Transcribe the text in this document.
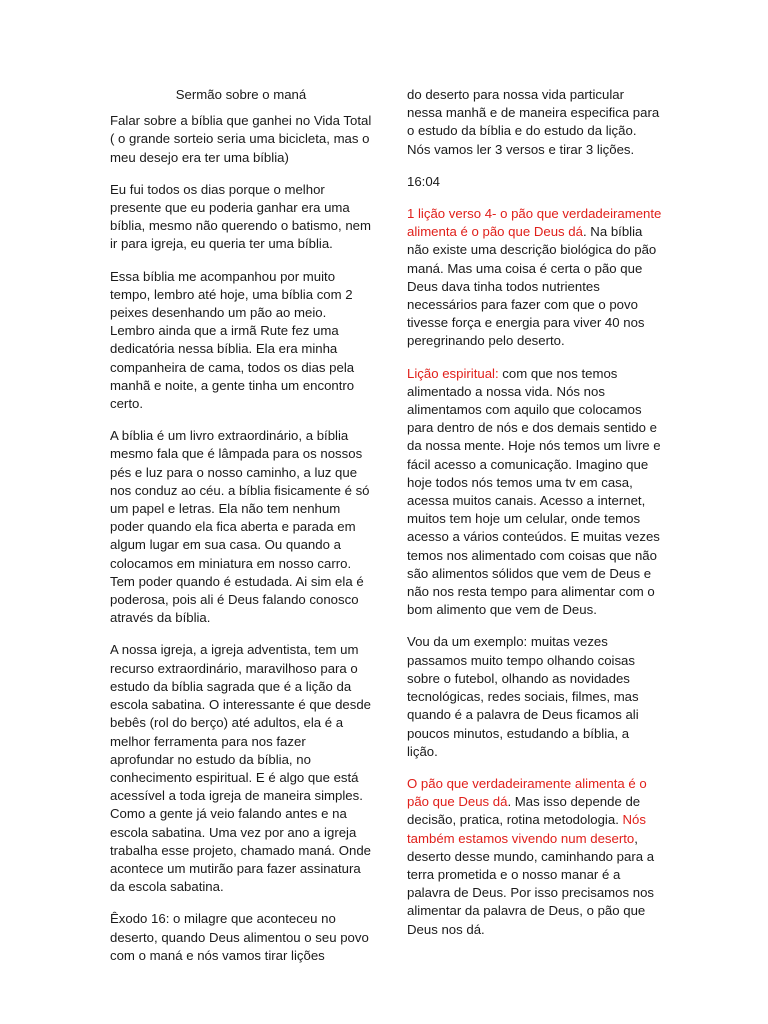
Sermão sobre o maná

Falar sobre a bíblia que ganhei no Vida Total ( o grande sorteio seria uma bicicleta, mas o meu desejo era ter uma bíblia)

Eu fui todos os dias porque o melhor presente que eu poderia ganhar era uma bíblia, mesmo não querendo o batismo, nem ir para igreja, eu queria ter uma bíblia.

Essa bíblia me acompanhou por muito tempo, lembro até hoje, uma bíblia com 2 peixes desenhando um pão ao meio. Lembro ainda que a irmã Rute fez uma dedicatória nessa bíblia. Ela era minha companheira de cama, todos os dias pela manhã e noite, a gente tinha um encontro certo.

A bíblia é um livro extraordinário, a bíblia mesmo fala que é lâmpada para os nossos pés e luz para o nosso caminho, a luz que nos conduz ao céu. a bíblia fisicamente é só um papel e letras. Ela não tem nenhum poder quando ela fica aberta e parada em algum lugar em sua casa. Ou quando a colocamos em miniatura em nosso carro. Tem poder quando é estudada. Ai sim ela é poderosa, pois ali é Deus falando conosco através da bíblia.

A nossa igreja, a igreja adventista, tem um recurso extraordinário, maravilhoso para o estudo da bíblia sagrada que é a lição da escola sabatina. O interessante é que desde bebês (rol do berço) até adultos, ela é a melhor ferramenta para nos fazer aprofundar no estudo da bíblia, no conhecimento espiritual. E é algo que está acessível a toda igreja de maneira simples. Como a gente já veio falando antes e na escola sabatina. Uma vez por ano a igreja trabalha esse projeto, chamado maná. Onde acontece um mutirão para fazer assinatura da escola sabatina.

Êxodo 16: o milagre que aconteceu no deserto, quando Deus alimentou o seu povo com o maná e nós vamos tirar lições

do deserto para nossa vida particular nessa manhã e de maneira especifica para o estudo da bíblia e do estudo da lição. Nós vamos ler 3 versos e tirar 3 lições.

16:04

1 lição verso 4- o pão que verdadeiramente alimenta é o pão que Deus dá. Na bíblia não existe uma descrição biológica do pão maná. Mas uma coisa é certa o pão que Deus dava tinha todos nutrientes necessários para fazer com que o povo tivesse força e energia para viver 40 nos peregrinando pelo deserto.

Lição espiritual: com que nos temos alimentado a nossa vida. Nós nos alimentamos com aquilo que colocamos para dentro de nós e dos demais sentido e da nossa mente. Hoje nós temos um livre e fácil acesso a comunicação. Imagino que hoje todos nós temos uma tv em casa, acessa muitos canais. Acesso a internet, muitos tem hoje um celular, onde temos acesso a vários conteúdos. E muitas vezes temos nos alimentado com coisas que não são alimentos sólidos que vem de Deus e não nos resta tempo para alimentar com o bom alimento que vem de Deus.

Vou da um exemplo: muitas vezes passamos muito tempo olhando coisas sobre o futebol, olhando as novidades tecnológicas, redes sociais, filmes, mas quando é a palavra de Deus ficamos ali poucos minutos, estudando a bíblia, a lição.

O pão que verdadeiramente alimenta é o pão que Deus dá. Mas isso depende de decisão, pratica, rotina metodologia. Nós também estamos vivendo num deserto, deserto desse mundo, caminhando para a terra prometida e o nosso manar é a palavra de Deus. Por isso precisamos nos alimentar da palavra de Deus, o pão que Deus nos dá.
